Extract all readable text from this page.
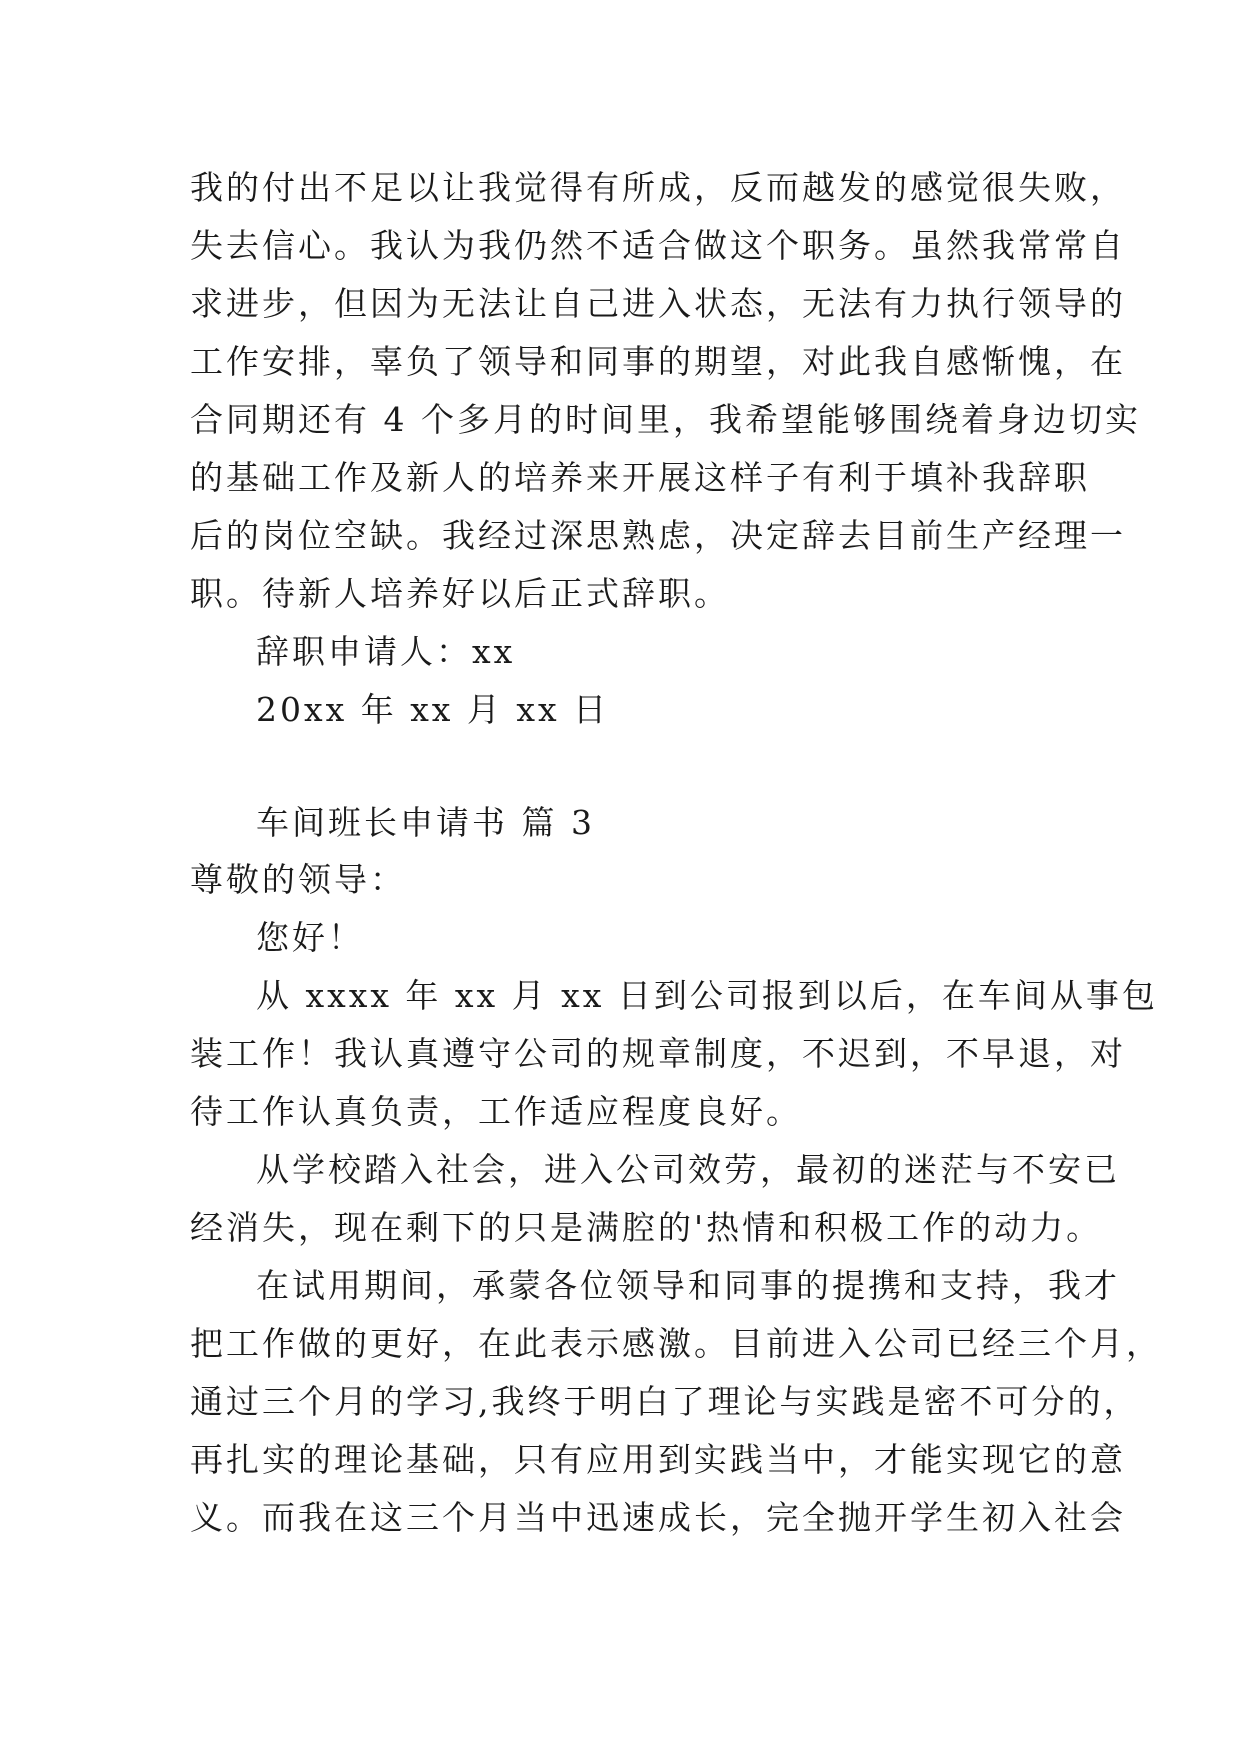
我的付出不足以让我觉得有所成，反而越发的感觉很失败，
失去信心。我认为我仍然不适合做这个职务。虽然我常常自
求进步，但因为无法让自己进入状态，无法有力执行领导的
工作安排，辜负了领导和同事的期望，对此我自感惭愧，在
合同期还有 4 个多月的时间里，我希望能够围绕着身边切实
的基础工作及新人的培养来开展这样子有利于填补我辞职
后的岗位空缺。我经过深思熟虑，决定辞去目前生产经理一
职。待新人培养好以后正式辞职。
辞职申请人：xx
20xx 年 xx 月 xx 日
车间班长申请书 篇 3
尊敬的领导：
您好！
从 xxxx 年 xx 月 xx 日到公司报到以后，在车间从事包
装工作！我认真遵守公司的规章制度，不迟到，不早退，对
待工作认真负责，工作适应程度良好。
从学校踏入社会，进入公司效劳，最初的迷茫与不安已
经消失，现在剩下的只是满腔的'热情和积极工作的动力。
在试用期间，承蒙各位领导和同事的提携和支持，我才
把工作做的更好，在此表示感激。目前进入公司已经三个月，
通过三个月的学习,我终于明白了理论与实践是密不可分的，
再扎实的理论基础，只有应用到实践当中，才能实现它的意
义。而我在这三个月当中迅速成长，完全抛开学生初入社会
